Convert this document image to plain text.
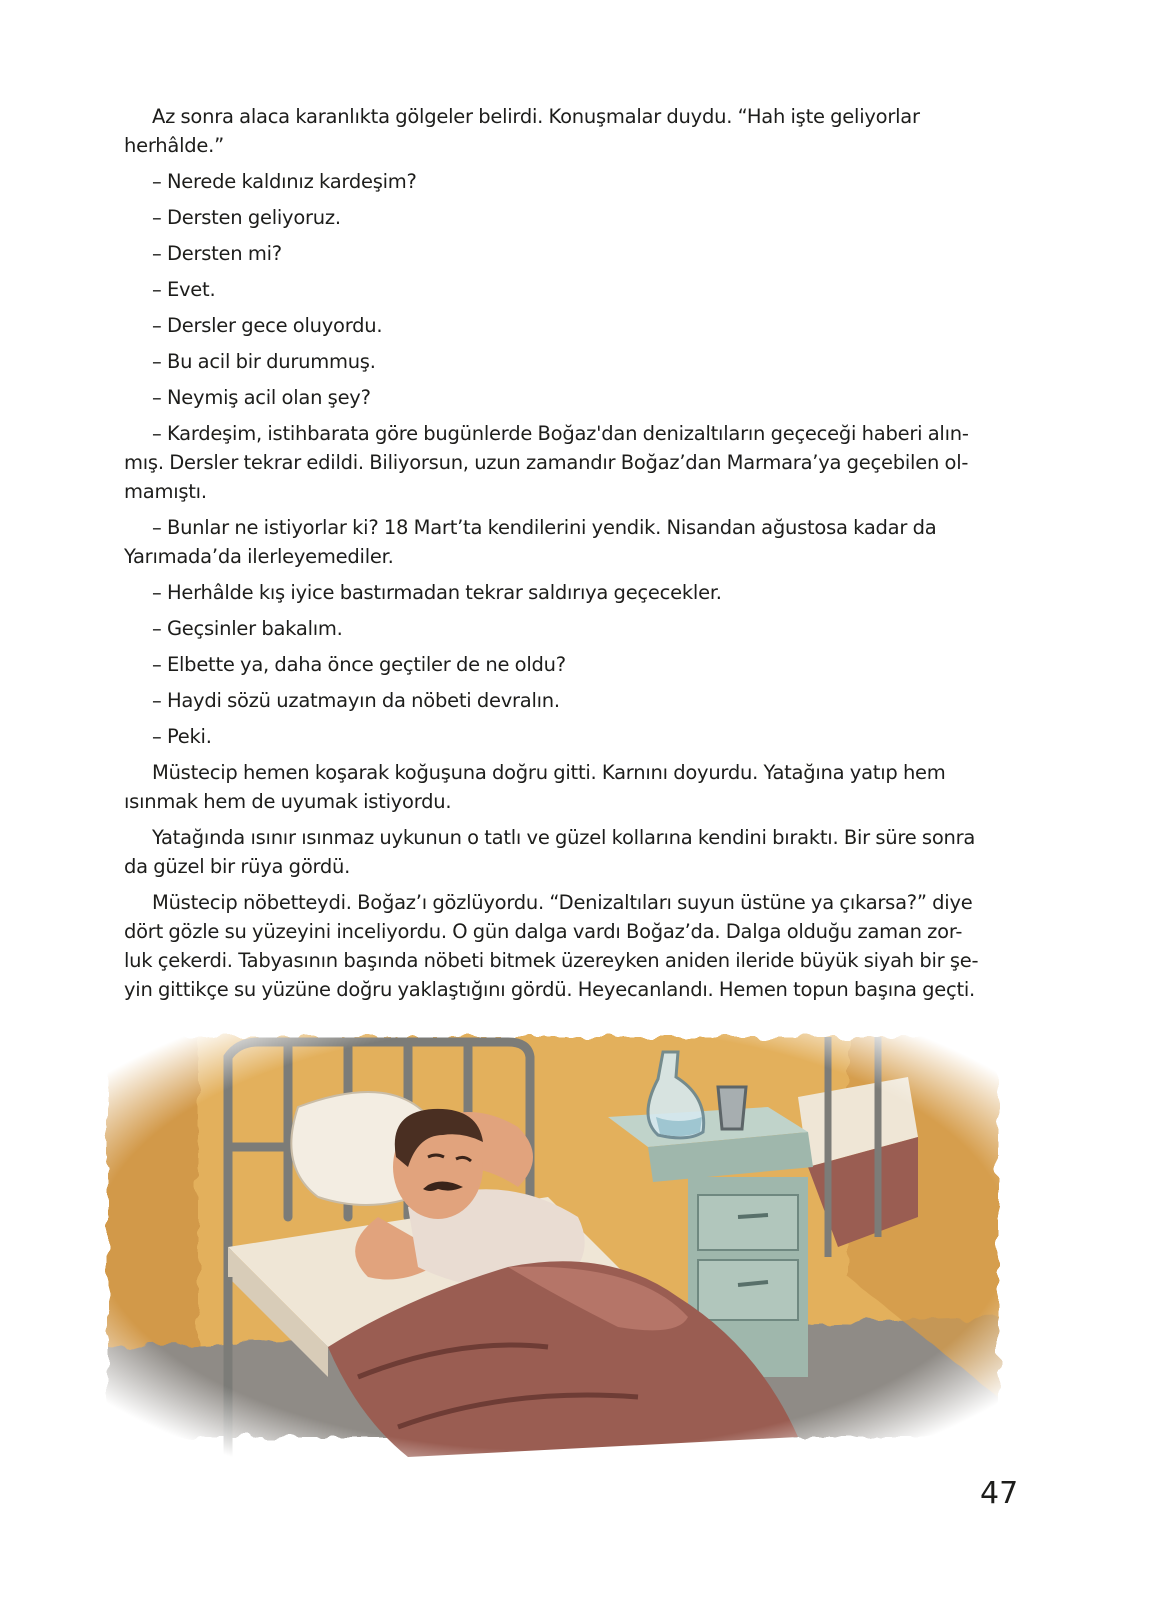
Az sonra alaca karanlıkta gölgeler belirdi. Konuşmalar duydu. “Hah işte geliyorlar
herhâlde.”

– Nerede kaldınız kardeşim?

– Dersten geliyoruz.

– Dersten mi?

– Evet.

– Dersler gece oluyordu.

– Bu acil bir durummuş.

– Neymiş acil olan şey?

– Kardeşim, istihbarata göre bugünlerde Boğaz'dan denizaltıların geçeceği haberi alın-
mış. Dersler tekrar edildi. Biliyorsun, uzun zamandır Boğaz’dan Marmara’ya geçebilen ol-
mamıştı.

– Bunlar ne istiyorlar ki? 18 Mart’ta kendilerini yendik. Nisandan ağustosa kadar da
Yarımada’da ilerleyemediler.

– Herhâlde kış iyice bastırmadan tekrar saldırıya geçecekler.

– Geçsinler bakalım.

– Elbette ya, daha önce geçtiler de ne oldu?

– Haydi sözü uzatmayın da nöbeti devralın.

– Peki.

Müstecip hemen koşarak koğuşuna doğru gitti. Karnını doyurdu. Yatağına yatıp hem
ısınmak hem de uyumak istiyordu.

Yatağında ısınır ısınmaz uykunun o tatlı ve güzel kollarına kendini bıraktı. Bir süre sonra
da güzel bir rüya gördü.

Müstecip nöbetteydi. Boğaz’ı gözlüyordu. “Denizaltıları suyun üstüne ya çıkarsa?” diye
dört gözle su yüzeyini inceliyordu. O gün dalga vardı Boğaz’da. Dalga olduğu zaman zor-
luk çekerdi. Tabyasının başında nöbeti bitmek üzereyken aniden ileride büyük siyah bir şe-
yin gittikçe su yüzüne doğru yaklaştığını gördü. Heyecanlandı. Hemen topun başına geçti.

47
